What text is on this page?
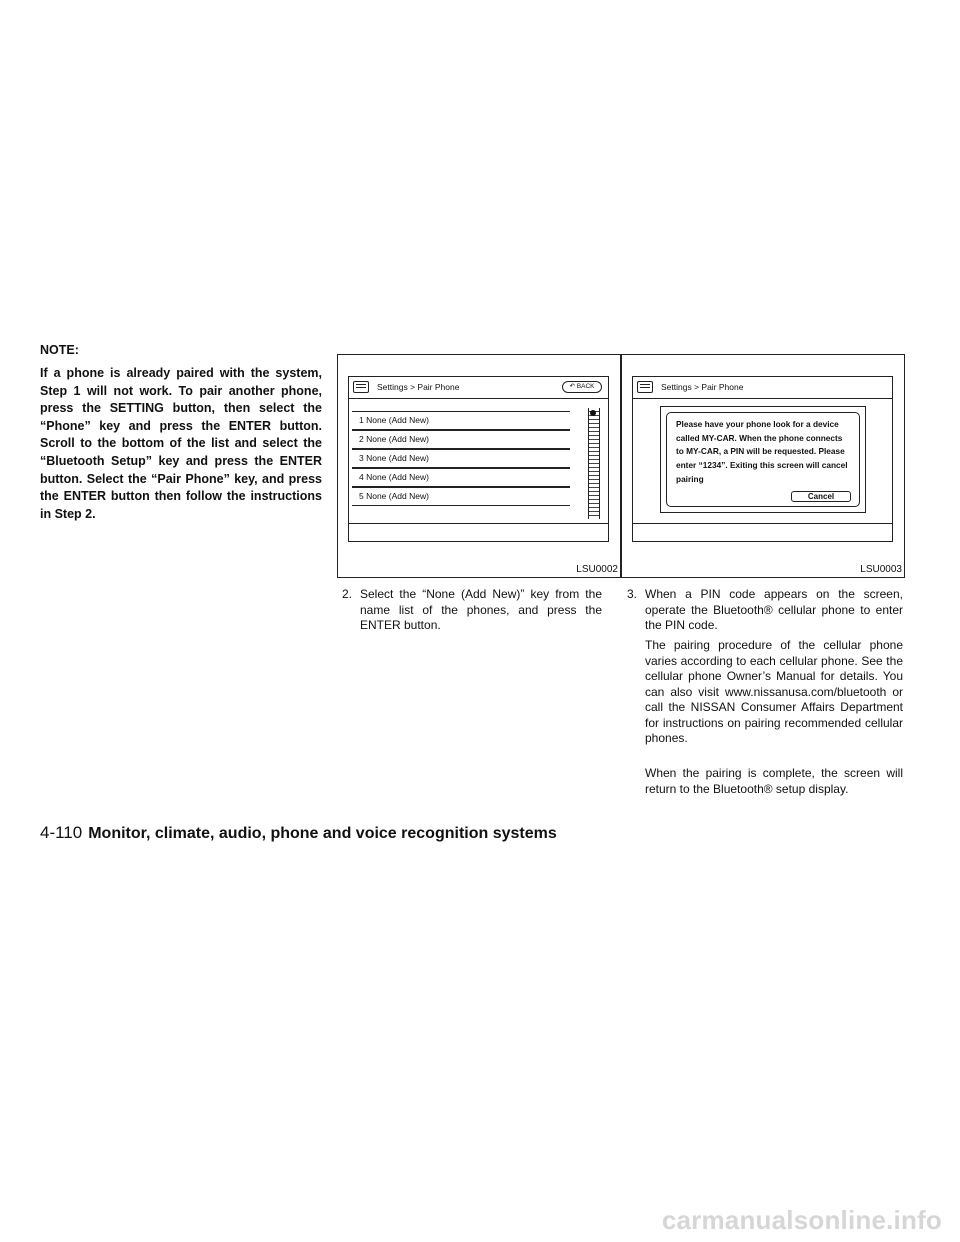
NOTE:

If a phone is already paired with the system, Step 1 will not work. To pair another phone, press the SETTING button, then select the “Phone” key and press the ENTER button. Scroll to the bottom of the list and select the “Bluetooth Setup” key and press the ENTER button. Select the “Pair Phone” key, and press the ENTER button then follow the instructions in Step 2.

Settings > Pair Phone	↶ BACK
1 None (Add New)
2 None (Add New)
3 None (Add New)
4 None (Add New)
5 None (Add New)
LSU0002
Settings > Pair Phone
Please have your phone look for a device called MY-CAR. When the phone connects to MY-CAR, a PIN will be requested. Please enter “1234”. Exiting this screen will cancel pairing
Cancel
LSU0003
2. Select the “None (Add New)” key from the name list of the phones, and press the ENTER button.
3. When a PIN code appears on the screen, operate the Bluetooth® cellular phone to enter the PIN code.

The pairing procedure of the cellular phone varies according to each cellular phone. See the cellular phone Owner’s Manual for details. You can also visit www.nissanusa.com/bluetooth or call the NISSAN Consumer Affairs Department for instructions on pairing recommended cellular phones.

When the pairing is complete, the screen will return to the Bluetooth® setup display.

4-110 Monitor, climate, audio, phone and voice recognition systems
carmanualsonline.info
